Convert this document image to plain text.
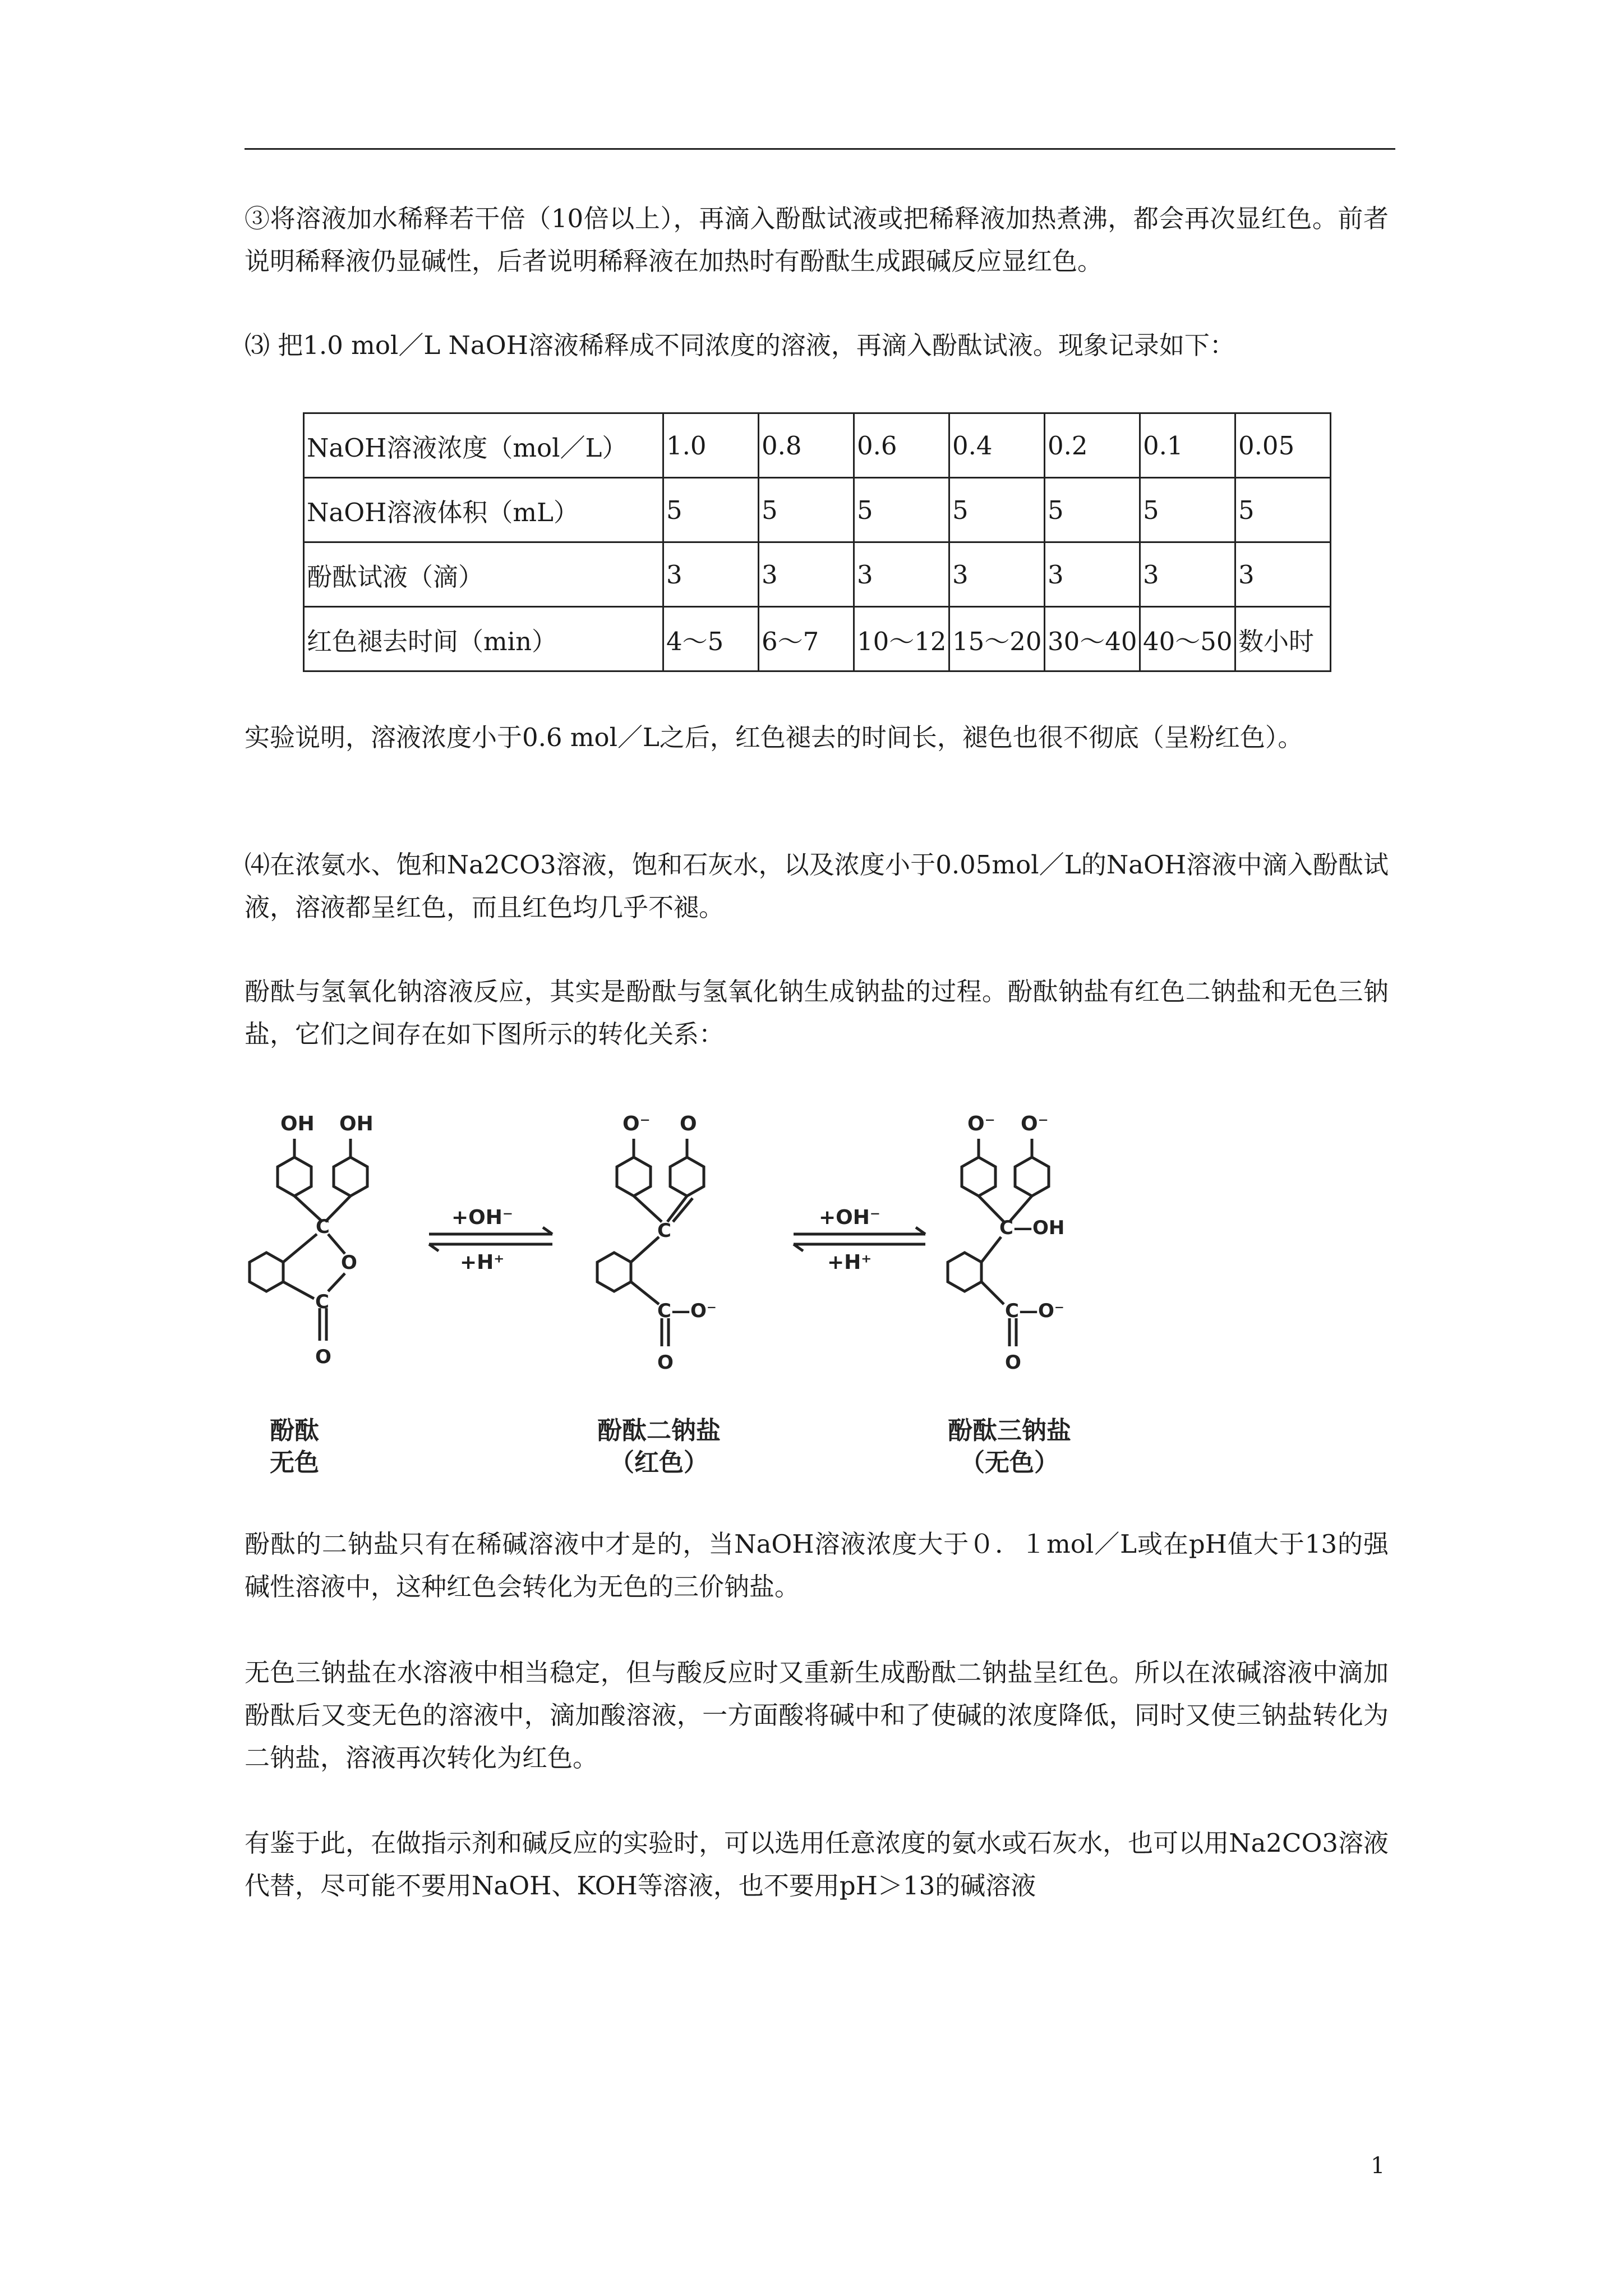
③将溶液加水稀释若干倍（10倍以上），再滴入酚酞试液或把稀释液加热煮沸，都会再次显红色。前者说明稀释液仍显碱性，后者说明稀释液在加热时有酚酞生成跟碱反应显红色。

⑶ 把1.0 mol／L NaOH溶液稀释成不同浓度的溶液，再滴入酚酞试液。现象记录如下：

NaOH溶液浓度（mol／L）	1.0	0.8	0.6	0.4	0.2	0.1	0.05
NaOH溶液体积（mL）	5	5	5	5	5	5	5
酚酞试液（滴）	3	3	3	3	3	3	3
红色褪去时间（min）	4～5	6～7	10～12	15～20	30～40	40～50	数小时

实验说明，溶液浓度小于0.6 mol／L之后，红色褪去的时间长，褪色也很不彻底（呈粉红色）。

⑷在浓氨水、饱和Na2CO3溶液，饱和石灰水，以及浓度小于0.05mol／L的NaOH溶液中滴入酚酞试液，溶液都呈红色，而且红色均几乎不褪。

酚酞与氢氧化钠溶液反应，其实是酚酞与氢氧化钠生成钠盐的过程。酚酞钠盐有红色二钠盐和无色三钠盐，它们之间存在如下图所示的转化关系：

OH OH
C
O
C
O
+OH⁻
+H⁺
O⁻ O
C
C—O⁻
O
+OH⁻
+H⁺
O⁻ O⁻
C—OH
C—O⁻
O
酚酞
无色
酚酞二钠盐
（红色）
酚酞三钠盐
（无色）

酚酞的二钠盐只有在稀碱溶液中才是的，当NaOH溶液浓度大于０．１mol／L或在pH值大于13的强碱性溶液中，这种红色会转化为无色的三价钠盐。

无色三钠盐在水溶液中相当稳定，但与酸反应时又重新生成酚酞二钠盐呈红色。所以在浓碱溶液中滴加酚酞后又变无色的溶液中，滴加酸溶液，一方面酸将碱中和了使碱的浓度降低，同时又使三钠盐转化为二钠盐，溶液再次转化为红色。

有鉴于此，在做指示剂和碱反应的实验时，可以选用任意浓度的氨水或石灰水，也可以用Na2CO3溶液代替，尽可能不要用NaOH、KOH等溶液，也不要用pH＞13的碱溶液

1
